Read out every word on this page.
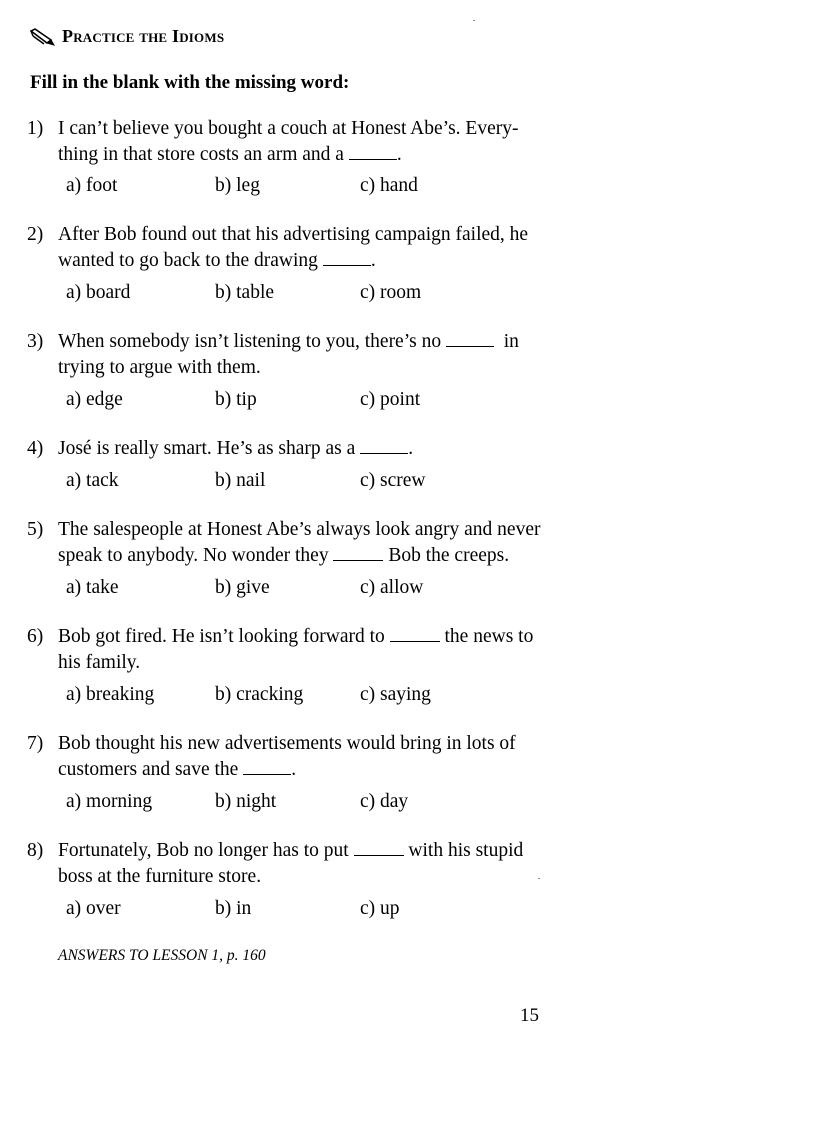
Practice the Idioms
Fill in the blank with the missing word:
1) I can’t believe you bought a couch at Honest Abe’s. Every-
thing in that store costs an arm and a	.
a) foot	b) leg	c) hand
2) After Bob found out that his advertising campaign failed, he
wanted to go back to the drawing	.
a) board	b) table	c) room
3) When somebody isn’t listening to you, there’s no	in
trying to argue with them.
a) edge	b) tip	c) point
4) José is really smart. He’s as sharp as a	.
a) tack	b) nail	c) screw
5) The salespeople at Honest Abe’s always look angry and never
speak to anybody. No wonder they	Bob the creeps.
a) take	b) give	c) allow
6) Bob got fired. He isn’t looking forward to	the news to
his family.
a) breaking	b) cracking	c) saying
7) Bob thought his new advertisements would bring in lots of
customers and save the	.
a) morning	b) night	c) day
8) Fortunately, Bob no longer has to put	with his stupid
boss at the furniture store.
a) over	b) in	c) up
ANSWERS TO LESSON 1, p. 160
15
